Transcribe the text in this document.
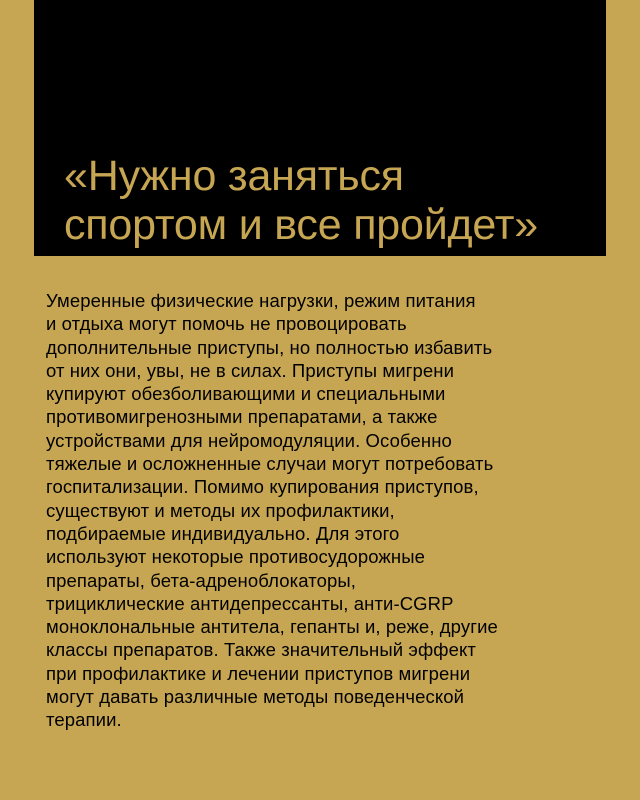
«Нужно заняться
спортом и все пройдет»

Умеренные физические нагрузки, режим питания
и отдыха могут помочь не провоцировать
дополнительные приступы, но полностью избавить
от них они, увы, не в силах. Приступы мигрени
купируют обезболивающими и специальными
противомигренозными препаратами, а также
устройствами для нейромодуляции. Особенно
тяжелые и осложненные случаи могут потребовать
госпитализации. Помимо купирования приступов,
существуют и методы их профилактики,
подбираемые индивидуально. Для этого
используют некоторые противосудорожные
препараты, бета-адреноблокаторы,
трициклические антидепрессанты, анти-CGRP
моноклональные антитела, гепанты и, реже, другие
классы препаратов. Также значительный эффект
при профилактике и лечении приступов мигрени
могут давать различные методы поведенческой
терапии.
